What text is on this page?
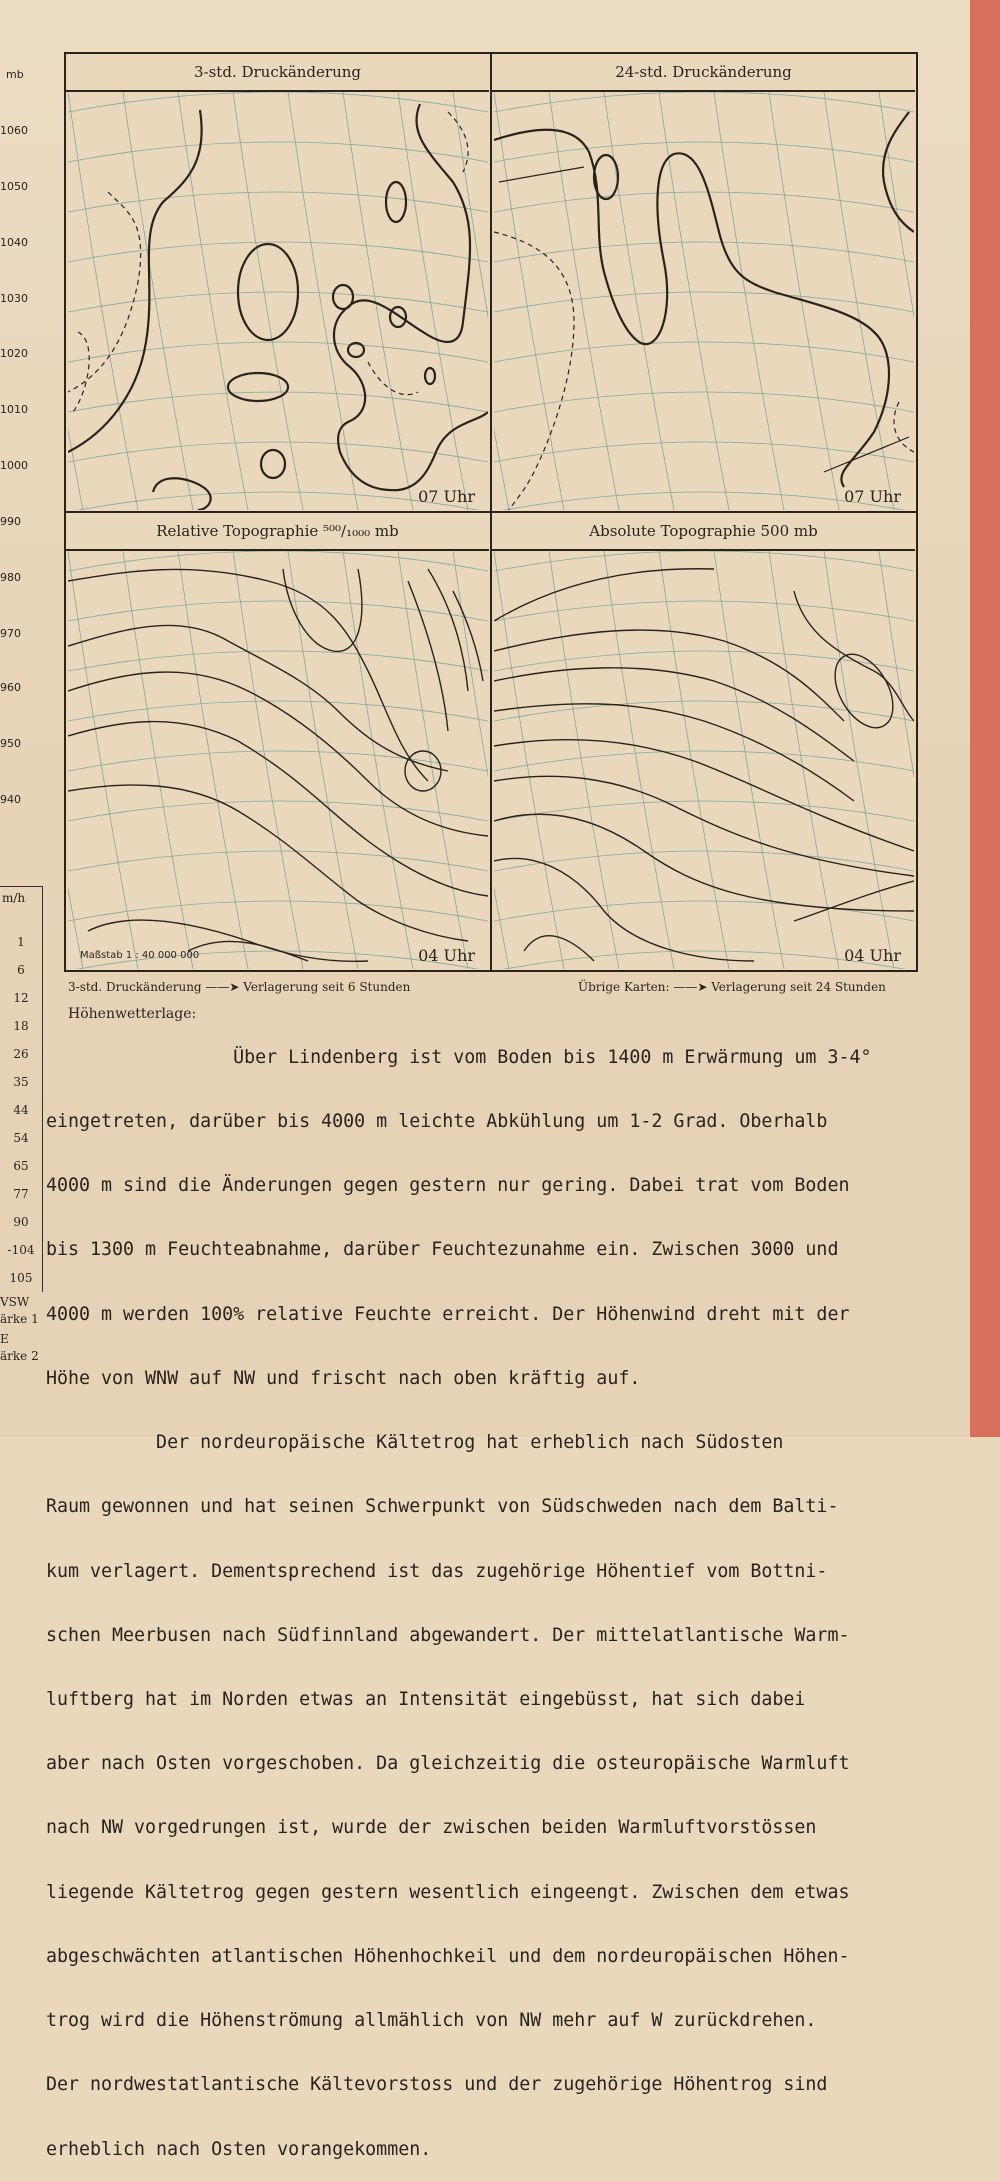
mb
1060
1050
1040
1030
1020
1010
1000
990
980
970
960
950
940
m/h
1
6
12
18
26
35
44
54
65
77
90
-104
105
VSW
ärke 1
E
ärke 2
3-std. Druckänderung
07 Uhr
24-std. Druckänderung
07 Uhr
Relative Topographie ⁵⁰⁰/₁₀₀₀ mb
Maßstab 1 : 40 000 000	04 Uhr
Absolute Topographie 500 mb
04 Uhr
3-std. Druckänderung ——➤ Verlagerung seit 6 Stunden	Übrige Karten: ——➤ Verlagerung seit 24 Stunden
Höhenwetterlage:

Über Lindenberg ist vom Boden bis 1400 m Erwärmung um 3-4°

eingetreten, darüber bis 4000 m leichte Abkühlung um 1-2 Grad. Oberhalb

4000 m sind die Änderungen gegen gestern nur gering. Dabei trat vom Boden

bis 1300 m Feuchteabnahme, darüber Feuchtezunahme ein. Zwischen 3000 und

4000 m werden 100% relative Feuchte erreicht. Der Höhenwind dreht mit der

Höhe von WNW auf NW und frischt nach oben kräftig auf.

Der nordeuropäische Kältetrog hat erheblich nach Südosten

Raum gewonnen und hat seinen Schwerpunkt von Südschweden nach dem Balti-

kum verlagert. Dementsprechend ist das zugehörige Höhentief vom Bottni-

schen Meerbusen nach Südfinnland abgewandert. Der mittelatlantische Warm-

luftberg hat im Norden etwas an Intensität eingebüsst, hat sich dabei

aber nach Osten vorgeschoben. Da gleichzeitig die osteuropäische Warmluft

nach NW vorgedrungen ist, wurde der zwischen beiden Warmluftvorstössen

liegende Kältetrog gegen gestern wesentlich eingeengt. Zwischen dem etwas

abgeschwächten atlantischen Höhenhochkeil und dem nordeuropäischen Höhen-

trog wird die Höhenströmung allmählich von NW mehr auf W zurückdrehen.

Der nordwestatlantische Kältevorstoss und der zugehörige Höhentrog sind

erheblich nach Osten vorangekommen.
